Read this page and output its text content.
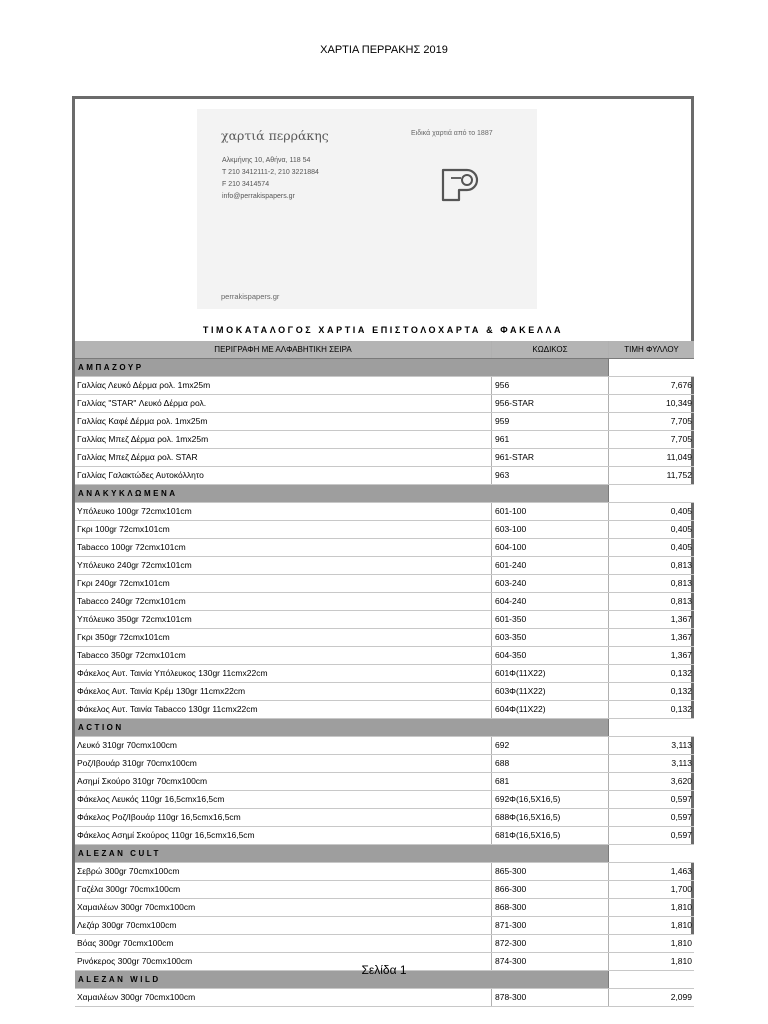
ΧΑΡΤΙΑ ΠΕΡΡΑΚΗΣ 2019
χαρτιά περράκης	Ειδικά χαρτιά από το 1887
Αλκμήνης 10, Αθήνα, 118 54
T 210 3412111-2, 210 3221884
F 210 3414574
info@perrakispapers.gr
perrakispapers.gr
ΤΙΜΟΚΑΤΑΛΟΓΟΣ ΧΑΡΤΙΑ ΕΠΙΣΤΟΛΟΧΑΡΤΑ & ΦΑΚΕΛΛΑ
ΠΕΡΙΓΡΑΦΗ ΜΕ ΑΛΦΑΒΗΤΙΚΗ ΣΕΙΡΑ	ΚΩΔΙΚΟΣ	ΤΙΜΗ ΦΥΛΛΟΥ
ΑΜΠΑΖΟΥΡ
Γαλλίας Λευκό Δέρμα ρολ. 1mx25m	956	7,676
Γαλλίας "STAR" Λευκό Δέρμα ρολ.	956-STAR	10,349
Γαλλίας Καφέ Δέρμα ρολ. 1mx25m	959	7,705
Γαλλίας Μπεζ Δέρμα ρολ. 1mx25m	961	7,705
Γαλλίας Μπεζ Δέρμα ρολ. STAR	961-STAR	11,049
Γαλλίας Γαλακτώδες Αυτοκόλλητο	963	11,752
ΑΝΑΚΥΚΛΩΜΕΝΑ
Υπόλευκο 100gr 72cmx101cm	601-100	0,405
Γκρι 100gr 72cmx101cm	603-100	0,405
Tabacco 100gr 72cmx101cm	604-100	0,405
Υπόλευκο 240gr 72cmx101cm	601-240	0,813
Γκρι 240gr 72cmx101cm	603-240	0,813
Tabacco 240gr 72cmx101cm	604-240	0,813
Υπόλευκο 350gr 72cmx101cm	601-350	1,367
Γκρι 350gr 72cmx101cm	603-350	1,367
Tabacco 350gr 72cmx101cm	604-350	1,367
Φάκελος Αυτ. Ταινία Υπόλευκος 130gr 11cmx22cm	601Φ(11Χ22)	0,132
Φάκελος Αυτ. Ταινία Κρέμ 130gr 11cmx22cm	603Φ(11Χ22)	0,132
Φάκελος Αυτ. Ταινία Tabacco 130gr 11cmx22cm	604Φ(11Χ22)	0,132
ACTION
Λευκό 310gr 70cmx100cm	692	3,113
Ροζ/Ιβουάρ 310gr 70cmx100cm	688	3,113
Ασημί Σκούρο 310gr 70cmx100cm	681	3,620
Φάκελος Λευκός 110gr 16,5cmx16,5cm	692Φ(16,5Χ16,5)	0,597
Φάκελος Ροζ/Ιβουάρ 110gr 16,5cmx16,5cm	688Φ(16,5Χ16,5)	0,597
Φάκελος Ασημί Σκούρος 110gr 16,5cmx16,5cm	681Φ(16,5Χ16,5)	0,597
ALEZAN CULT
Σεβρώ 300gr 70cmx100cm	865-300	1,463
Γαζέλα 300gr 70cmx100cm	866-300	1,700
Χαμαιλέων 300gr 70cmx100cm	868-300	1,810
Λεζάρ 300gr 70cmx100cm	871-300	1,810
Βόας 300gr 70cmx100cm	872-300	1,810
Ρινόκερος 300gr 70cmx100cm	874-300	1,810
ALEZAN WILD
Χαμαιλέων 300gr 70cmx100cm	878-300	2,099
Σελίδα 1
